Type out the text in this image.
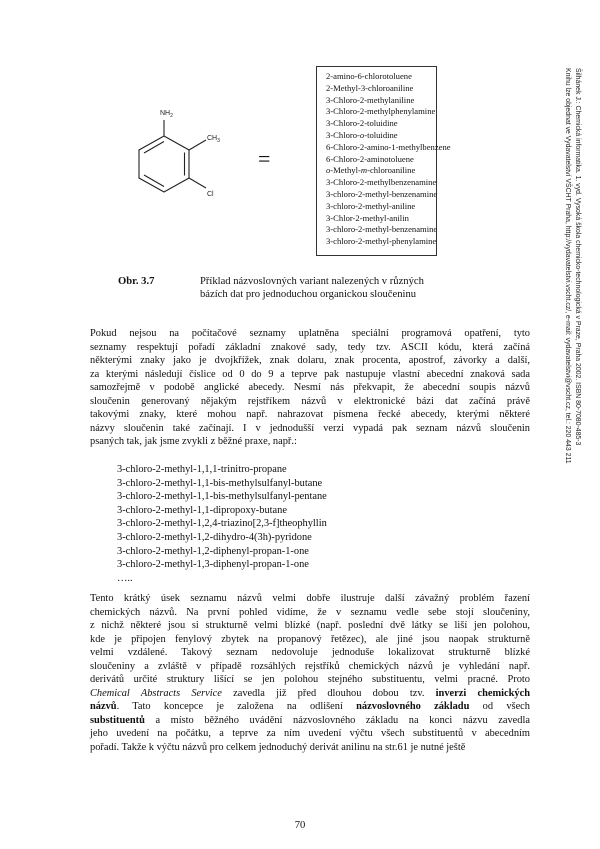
$NH_2$
$CH_3$
Cl
=
2-amino-6-chlorotoluene
2-Methyl-3-chloroaniline
3-Chloro-2-methylaniline
3-Chloro-2-methylphenylamine
3-Chloro-2-toluidine
3-Chloro-o-toluidine
6-Chloro-2-amino-1-methylbenzene
6-Chloro-2-aminotoluene
o-Methyl-m-chloroaniline
3-Chloro-2-methylbenzenamine
3-chloro-2-methyl-benzenamine
3-chloro-2-methyl-aniline
3-Chlor-2-methyl-anilin
3-chloro-2-methyl-benzenamine
3-chloro-2-methyl-phenylamine
Obr. 3.7	Příklad názvoslovných variant nalezených v různých
bázích dat pro jednoduchou organickou sloučeninu
Pokud nejsou na počítačové seznamy uplatněna speciální programová opatření, tyto
seznamy respektují pořadí základní znakové sady, tedy tzv. ASCII kódu, která začíná
některými znaky jako je dvojkřížek, znak dolaru, znak procenta, apostrof, závorky a další,
za kterými následují číslice od 0 do 9 a teprve pak nastupuje vlastní abecední znaková sada
samozřejmě v podobě anglické abecedy. Nesmí nás překvapit, že abecední soupis názvů
sloučenin generovaný nějakým rejstříkem názvů v elektronické bázi dat začíná právě
takovými znaky, které mohou např. nahrazovat písmena řecké abecedy, kterými některé
názvy sloučenin také začínají. I v jednodušší verzi vypadá pak seznam názvů sloučenin
psaných tak, jak jsme zvykli z běžné praxe, např.:
3-chloro-2-methyl-1,1,1-trinitro-propane
3-chloro-2-methyl-1,1-bis-methylsulfanyl-butane
3-chloro-2-methyl-1,1-bis-methylsulfanyl-pentane
3-chloro-2-methyl-1,1-dipropoxy-butane
3-chloro-2-methyl-1,2,4-triazino[2,3-f]theophyllin
3-chloro-2-methyl-1,2-dihydro-4(3h)-pyridone
3-chloro-2-methyl-1,2-diphenyl-propan-1-one
3-chloro-2-methyl-1,3-diphenyl-propan-1-one
…..
Tento krátký úsek seznamu názvů velmi dobře ilustruje další závažný problém řazení
chemických názvů. Na první pohled vidíme, že v seznamu vedle sebe stojí sloučeniny,
z nichž některé jsou si strukturně velmi blízké (např. poslední dvě látky se liší jen polohou,
kde je připojen fenylový zbytek na propanový řetězec), ale jiné jsou naopak strukturně
velmi vzdálené. Takový seznam nedovoluje jednoduše lokalizovat strukturně blízké
sloučeniny a zvláště v případě rozsáhlých rejstříků chemických názvů je vyhledání např.
derivátů určité struktury lišící se jen polohou stejného substituentu, velmi pracné. Proto
Chemical Abstracts Service zavedla již před dlouhou dobou tzv. inverzi chemických
názvů. Tato koncepce je založena na odlišení názvoslovného základu od všech
substituentů a místo běžného uvádění názvoslovného základu na konci názvu zavedla
jeho uvedení na počátku, a teprve za ním uvedení výčtu všech substituentů v abecedním
pořadí. Takže k výčtu názvů pro celkem jednoduchý derivát anilinu na str.61 je nutné ještě
70
Šilhánek J.: Chemická informatika. 1. vyd. Vysoká škola chemicko-technologická v Praze, Praha 2002. ISBN 80-7080-485-3
Knihu lze objednat ve Vydavatelství VŠCHT Praha, http://vydavatelstvi.vscht.cz/, e-mail: vydavatelstvi@vscht.cz, tel.: 220 443 211
